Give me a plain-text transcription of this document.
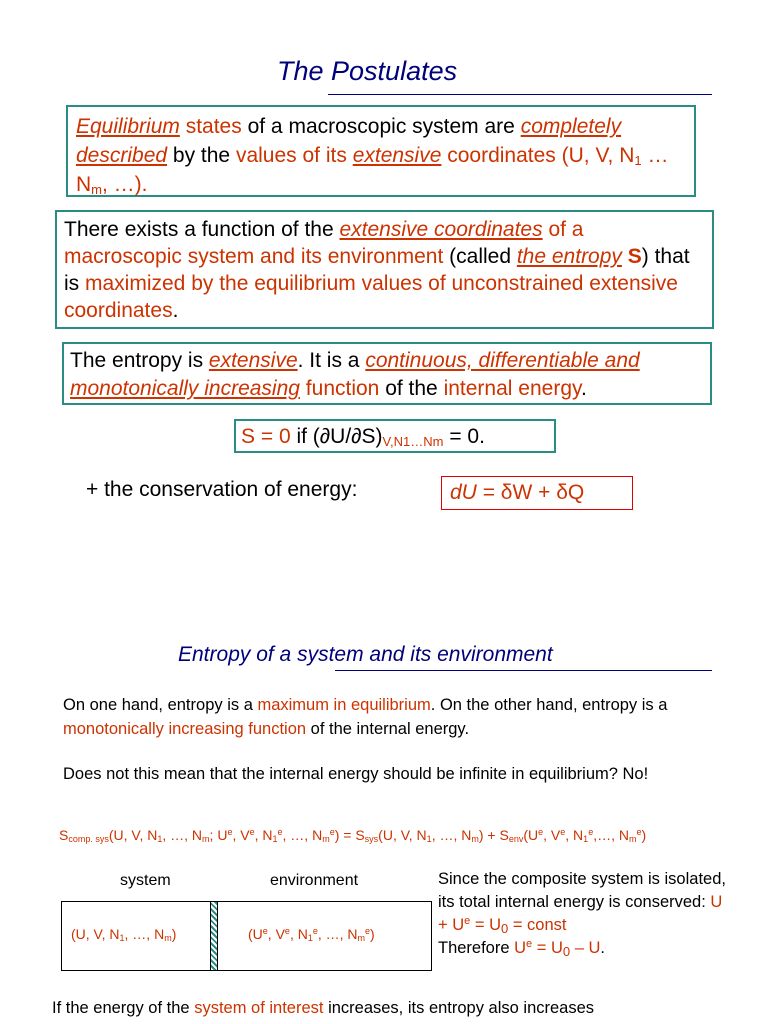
The Postulates
Equilibrium states of a macroscopic system are completely described by the values of its extensive coordinates (U, V, $N_1$ … $N_m$, …).
There exists a function of the extensive coordinates of a macroscopic system and its environment (called the entropy S) that is maximized by the equilibrium values of unconstrained extensive coordinates.
The entropy is extensive. It is a continuous, differentiable and monotonically increasing function of the internal energy.
S = 0 if $(\partial U/\partial S)_{V,N1\dots Nm} = 0$.
+ the conservation of energy:	dU = δW + δQ
Entropy of a system and its environment
On one hand, entropy is a maximum in equilibrium. On the other hand, entropy is a monotonically increasing function of the internal energy.
Does not this mean that the internal energy should be infinite in equilibrium? No!
$S_{comp. sys}(U$, V, $N_1$, …, $N_m$; $U^e$, Ve, $N_1^e$, …, $N_m^e) = S_{sys}(U$, V, $N_1$, …, $N_m) + S_{env}(U^e$, Ve, $N_1^e,\dots$, $N_m^e$)
system	environment
(U, V, $N_1$, …, $N_m$)	($U^e$, Ve, $N_1^e$, …, $N_m^e$)
Since the composite system is isolated, its total internal energy is conserved: $U + U^e = U_0$ = const
Therefore $U^e = U_0 - U$.
If the energy of the system of interest increases, its entropy also increases
